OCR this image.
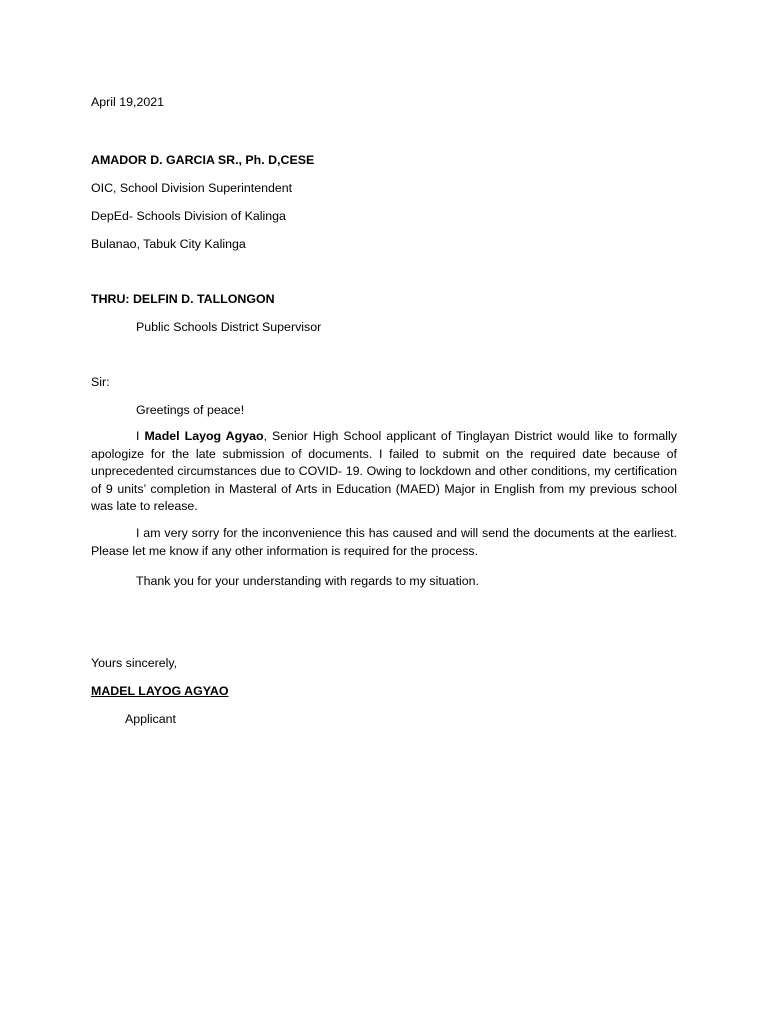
April 19,2021
AMADOR D. GARCIA SR., Ph. D,CESE
OIC, School Division Superintendent
DepEd- Schools Division of Kalinga
Bulanao, Tabuk City Kalinga
THRU: DELFIN D. TALLONGON
Public Schools District Supervisor
Sir:
Greetings of peace!
I Madel Layog Agyao, Senior High School applicant of Tinglayan District would like to formally apologize for the late submission of documents. I failed to submit on the required date because of unprecedented circumstances due to COVID- 19. Owing to lockdown and other conditions, my certification of 9 units’ completion in Masteral of Arts in Education (MAED) Major in English from my previous school was late to release.
I am very sorry for the inconvenience this has caused and will send the documents at the earliest. Please let me know if any other information is required for the process.
Thank you for your understanding with regards to my situation.
Yours sincerely,
MADEL LAYOG AGYAO
Applicant
